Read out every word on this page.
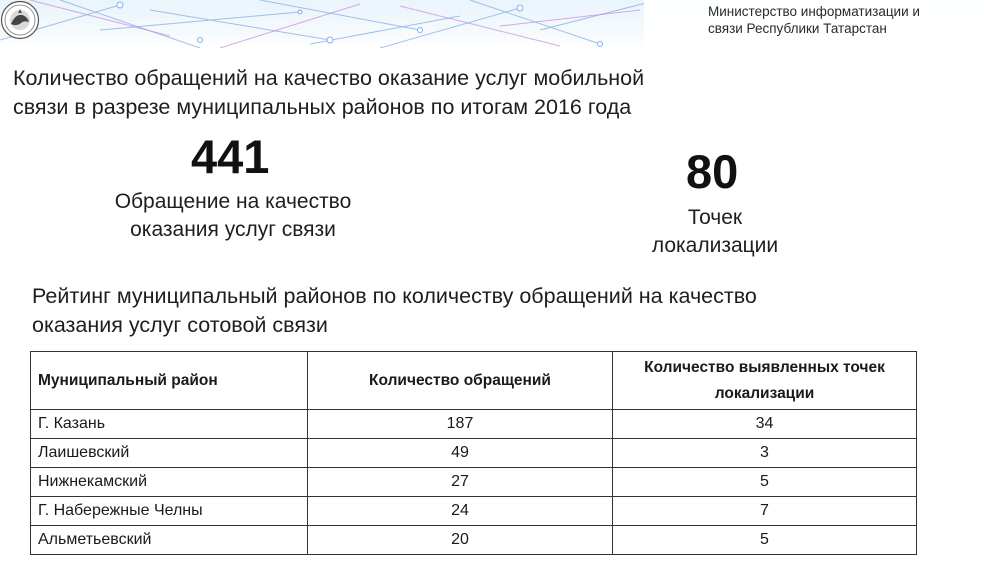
Министерство информатизации и
связи Республики Татарстан
Количество обращений на качество оказание услуг мобильной
связи в разрезе муниципальных районов по итогам 2016 года
441
Обращение на качество
оказания услуг связи
80
Точек
локализации
Рейтинг муниципальный районов по количеству обращений на качество
оказания услуг сотовой связи
Муниципальный район	Количество обращений	Количество выявленных точек
локализации

Г. Казань	187	34
Лаишевский	49	3
Нижнекамский	27	5
Г. Набережные Челны	24	7
Альметьевский	20	5
